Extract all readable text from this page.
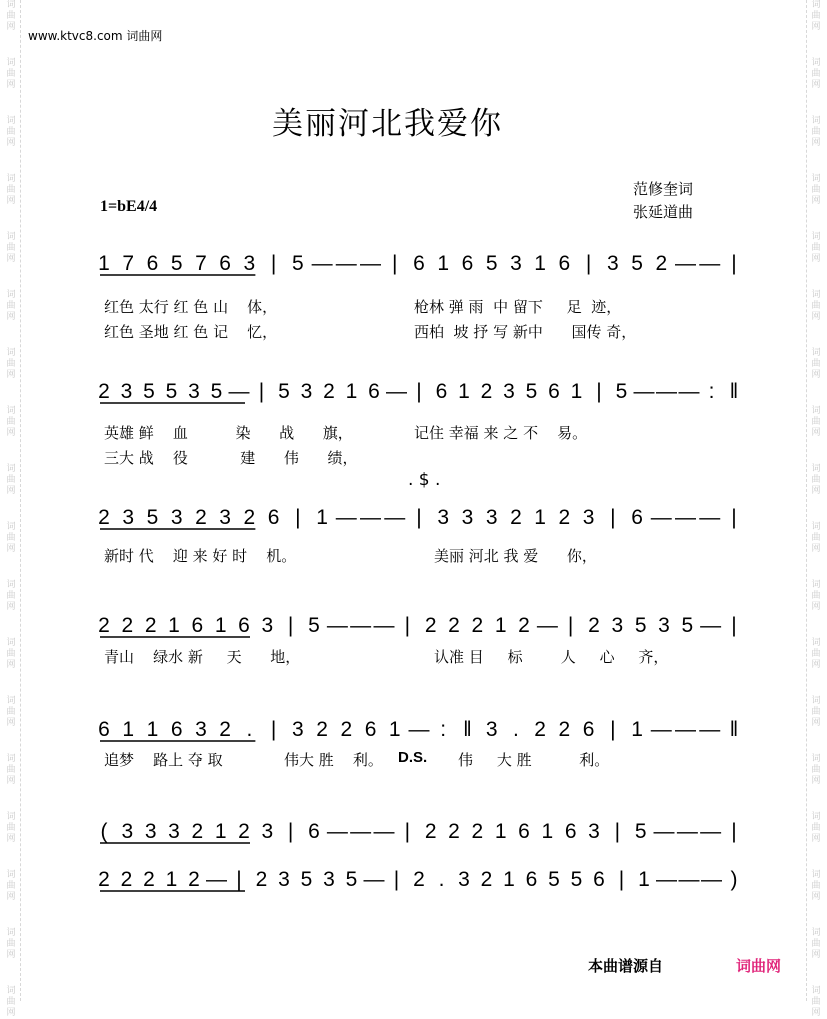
词 曲 网
词 曲 网
词 曲 网
词 曲 网
词 曲 网
词 曲 网
词 曲 网
词 曲 网
词 曲 网
词 曲 网
词 曲 网
词 曲 网
词 曲 网
词 曲 网
词 曲 网
词 曲 网
词 曲 网
词 曲 网
词 曲 网
词 曲 网
词 曲 网
词 曲 网
词 曲 网
词 曲 网
词 曲 网
词 曲 网
词 曲 网
词 曲 网
词 曲 网
词 曲 网
词 曲 网
词 曲 网
词 曲 网
词 曲 网
词 曲 网
词 曲 网
www.ktvc8.com 词曲网
美丽河北我爱你
范修奎词
张延道曲
1=bE4/4
1 7 6 5 7 6 3 | 5 — — — | 6 1 6 5 3 1 6 | 3 5 2 — — |
红色 太行 红 色 山    体，	枪林 弹 雨  中 留下     足  迹，
红色 圣地 红 色 记    忆，	西柏  坡 抒 写 新中      国传 奇，
2 3 5 5 3 5 — | 5 3 2 1 6 — | 6 1 2 3 5 6 1 | 5 — — — : ‖
英雄 鲜    血          染      战      旗，	记住 幸福 来 之 不    易。
三大 战    役           建      伟      绩，
. $ .
2 3 5 3 2 3 2 6 | 1 — — — | 3 3 3 2 1 2 3 | 6 — — — |
新时 代    迎 来 好 时    机。	美丽 河北 我 爱      你，
2 2 2 1 6 1 6 3 | 5 — — — | 2 2 2 1 2 — | 2 3 5 3 5 — |
青山    绿水 新     天      地，	认准 目     标        人     心     齐，
6 1 1 6 3 2 . | 3 2 2 6 1 — : ‖ 3 . 2 2 6 | 1 — — — ‖
追梦    路上 夺 取	伟大 胜    利。 D.S. 伟     大 胜          利。
( 3 3 3 2 1 2 3 | 6 — — — | 2 2 2 1 6 1 6 3 | 5 — — — |
2 2 2 1 2 — | 2 3 5 3 5 — | 2 . 3 2 1 6 5 5 6 | 1 — — — )
本曲谱源自	词曲网
